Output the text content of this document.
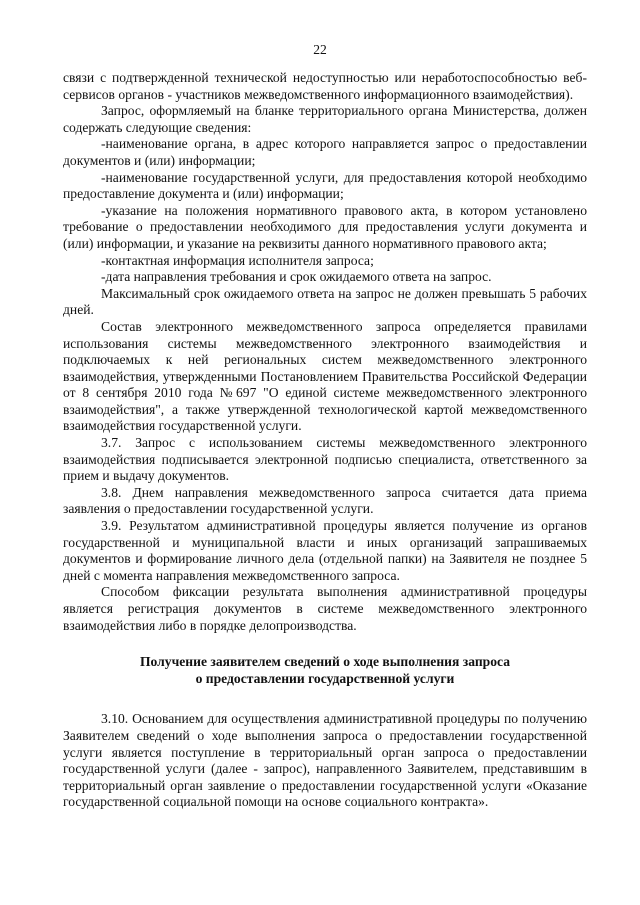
22

связи с подтвержденной технической недоступностью или неработоспособностью веб-сервисов органов - участников межведомственного информационного взаимодействия).

Запрос, оформляемый на бланке территориального органа Министерства, должен содержать следующие сведения:

-наименование органа, в адрес которого направляется запрос о предоставлении документов и (или) информации;

-наименование государственной услуги, для предоставления которой необходимо предоставление документа и (или) информации;

-указание на положения нормативного правового акта, в котором установлено требование о предоставлении необходимого для предоставления услуги документа и (или) информации, и указание на реквизиты данного нормативного правового акта;

-контактная информация исполнителя запроса;

-дата направления требования и срок ожидаемого ответа на запрос.

Максимальный срок ожидаемого ответа на запрос не должен превышать 5 рабочих дней.

Состав электронного межведомственного запроса определяется правилами использования системы межведомственного электронного взаимодействия и подключаемых к ней региональных систем межведомственного электронного взаимодействия, утвержденными Постановлением Правительства Российской Федерации от 8 сентября 2010 года №697 "О единой системе межведомственного электронного взаимодействия", а также утвержденной технологической картой межведомственного взаимодействия государственной услуги.

3.7. Запрос с использованием системы межведомственного электронного взаимодействия подписывается электронной подписью специалиста, ответственного за прием и выдачу документов.

3.8. Днем направления межведомственного запроса считается дата приема заявления о предоставлении государственной услуги.

3.9. Результатом административной процедуры является получение из органов государственной и муниципальной власти и иных организаций запрашиваемых документов и формирование личного дела (отдельной папки) на Заявителя не позднее 5 дней с момента направления межведомственного запроса.

Способом фиксации результата выполнения административной процедуры является регистрация документов в системе межведомственного электронного взаимодействия либо в порядке делопроизводства.

Получение заявителем сведений о ходе выполнения запроса
о предоставлении государственной услуги

3.10. Основанием для осуществления административной процедуры по получению Заявителем сведений о ходе выполнения запроса о предоставлении государственной услуги является поступление в территориальный орган запроса о предоставлении государственной услуги (далее - запрос), направленного Заявителем, представившим в территориальный орган заявление о предоставлении государственной услуги «Оказание государственной социальной помощи на основе социального контракта».
